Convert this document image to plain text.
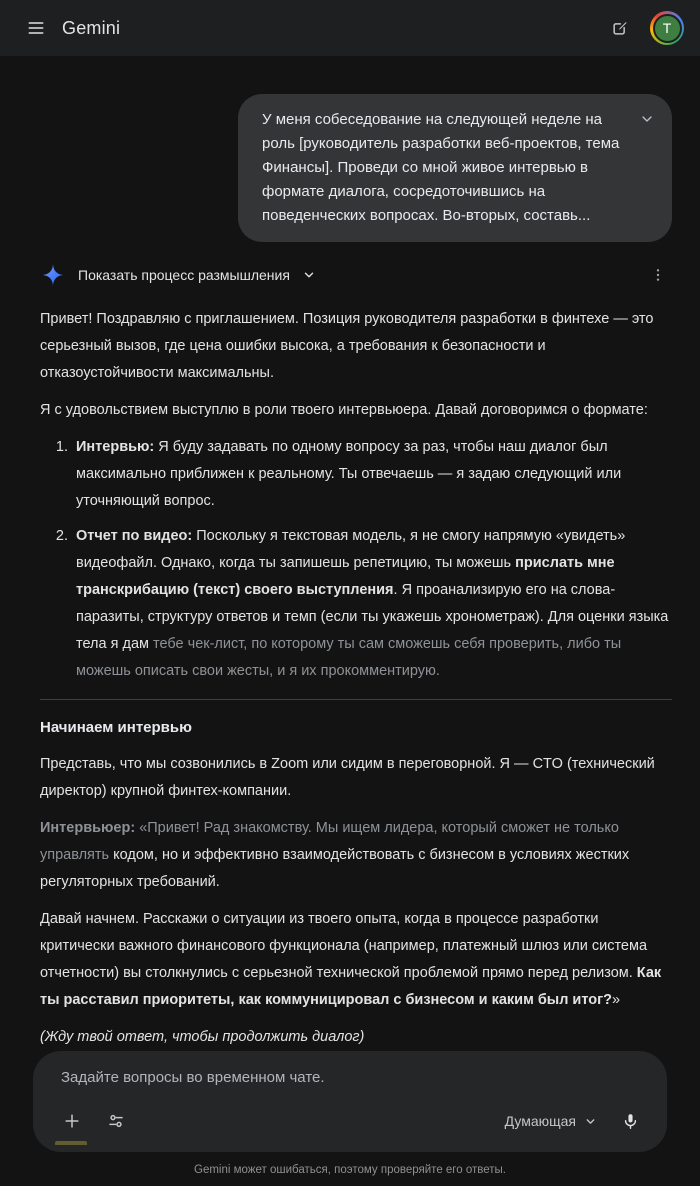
Gemini	T
У меня собеседование на следующей неделе на роль [руководитель разработки веб-проектов, тема Финансы]. Проведи со мной живое интервью в формате диалога, сосредоточившись на поведенческих вопросах. Во-вторых, составь...
Показать процесс размышления

Привет! Поздравляю с приглашением. Позиция руководителя разработки в финтехе — это серьезный вызов, где цена ошибки высока, а требования к безопасности и отказоустойчивости максимальны.

Я с удовольствием выступлю в роли твоего интервьюера. Давай договоримся о формате:

1. Интервью: Я буду задавать по одному вопросу за раз, чтобы наш диалог был максимально приближен к реальному. Ты отвечаешь — я задаю следующий или уточняющий вопрос.
2. Отчет по видео: Поскольку я текстовая модель, я не смогу напрямую «увидеть» видеофайл. Однако, когда ты запишешь репетицию, ты можешь прислать мне транскрибацию (текст) своего выступления. Я проанализирую его на слова-паразиты, структуру ответов и темп (если ты укажешь хронометраж). Для оценки языка тела я дам тебе чек-лист, по которому ты сам сможешь себя проверить, либо ты можешь описать свои жесты, и я их прокомментирую.
Начинаем интервью

Представь, что мы созвонились в Zoom или сидим в переговорной. Я — CTO (технический директор) крупной финтех-компании.

Интервьюер: «Привет! Рад знакомству. Мы ищем лидера, который сможет не только управлять кодом, но и эффективно взаимодействовать с бизнесом в условиях жестких регуляторных требований.

Давай начнем. Расскажи о ситуации из твоего опыта, когда в процессе разработки критически важного финансового функционала (например, платежный шлюз или система отчетности) вы столкнулись с серьезной технической проблемой прямо перед релизом. Как ты расставил приоритеты, как коммуницировал с бизнесом и каким был итог?»

(Жду твой ответ, чтобы продолжить диалог)

Задайте вопросы во временном чате.
Думающая
Gemini может ошибаться, поэтому проверяйте его ответы.
